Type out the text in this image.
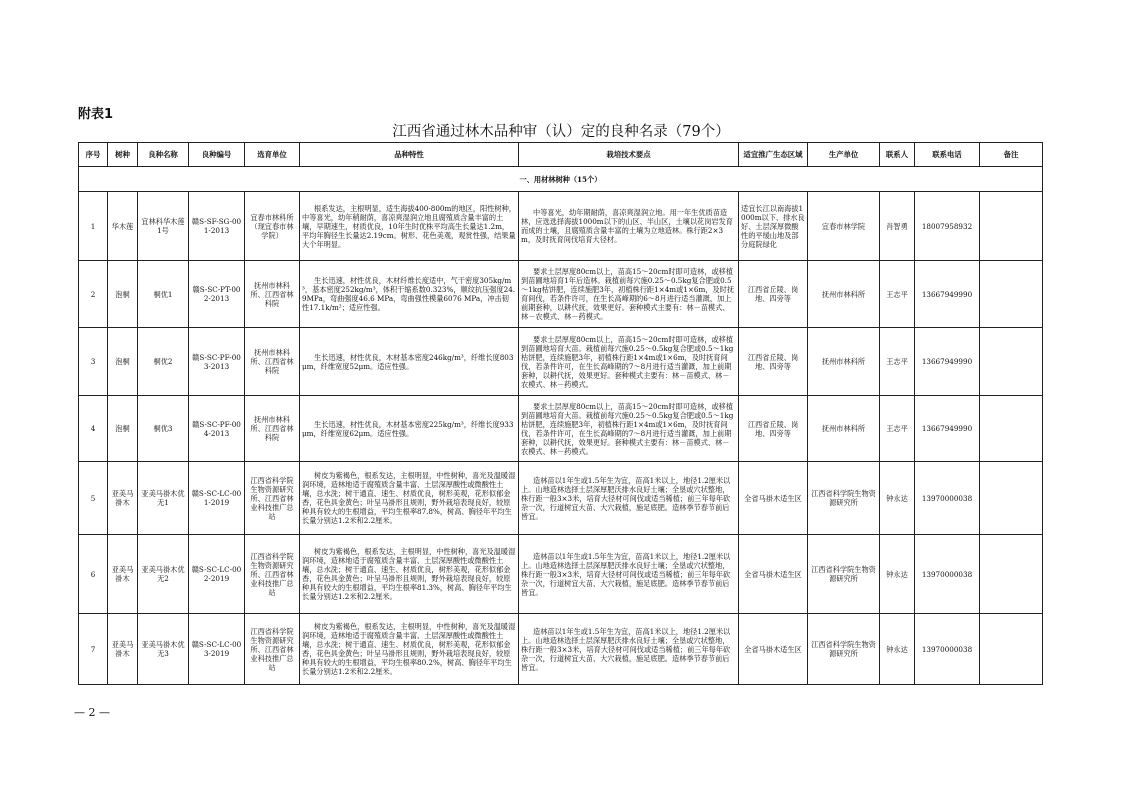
附表1
江西省通过林木品种审（认）定的良种名录（79个）
序号	树种	良种名称	良种编号	选育单位	品种特性	栽培技术要点	适宜推广生态区域	生产单位	联系人	联系电话	备注
一、用材林树种（15个）											
1	华木莲	宜林科华木莲1号	赣S-SF-SG-001-2013	宜春市林科所（现宜春市林学院）	根系发达，主根明显，适生海拔400-800m的地区，阳性树种，中等喜光，幼年稍耐荫，喜凉爽湿润立地且腐殖质含量丰富的土壤，早期速生，材质优良，10年生时优株平均高生长量达1.2m，平均年胸径生长量达2.19cm。树形、花色美观，观赏性强，结果量大个年明显。	中等喜光，幼年期耐荫，喜凉爽湿润立地。用一年生优质苗造林，应选选择海拔1000m以下的山区、半山区，土壤以花岗岩发育而成的土壤，且腐殖质含量丰富的土壤为立地造林。株行距2×3m，及时抚育间伐培育大径材。	适宜长江以南海拔1000m以下、排水良好、土层深厚微酸性的平缓山地及部分庭院绿化	宜春市林学院	肖智勇	18007958932	
2	泡桐	桐优1	赣S-SC-PT-002-2013	抚州市林科所、江西省林科院	生长迅速，材性优良，木材纤维长度适中，气干密度305kg/m³，基本密度252kg/m³，体积干缩系数0.323%，顺纹抗压强度24.9MPa，弯曲强度46.6 MPa，弯曲强性模量6076 MPa，冲击韧性17.1k/m²；适应性强。	要求土层厚度80cm以上，苗高15～20cm时即可造林，或移植到苗圃地培育1年后造林。栽植前每穴施0.25～0.5kg复合肥或0.5～1kg枯饼肥，连续施肥3年，初植株行距1×4m或1×6m，及时抚育间伐，若条件许可，在生长高峰期的6～8月进行适当灌溉，加上前期套种，以耕代抚，效果更好。套种模式主要有：林－苗模式、林－农模式、林－药模式。	江西省丘陵、岗地、四旁等	抚州市林科所	王志平	13667949990	
3	泡桐	桐优2	赣S-SC-PF-003-2013	抚州市林科所、江西省林科院	生长迅速，材性优良，木材基本密度246kg/m³，纤维长度803μm，纤维宽度52μm。适应性强。	要求土层厚度80cm以上，苗高15～20cm时即可造林，或移植到苗圃地培育大苗。栽植前每穴施0.25～0.5kg复合肥或0.5～1kg枯饼肥，连续施肥3年，初植株行距1×4m或1×6m，及时抚育间伐，若条件许可，在生长高峰期的7～8月进行适当灌溉，加上前期套种，以耕代抚，效果更好。套种模式主要有：林－苗模式、林－农模式、林－药模式。	江西省丘陵、岗地、四旁等	抚州市林科所	王志平	13667949990	
4	泡桐	桐优3	赣S-SC-PF-004-2013	抚州市林科所、江西省林科院	生长迅速，材性优良，木材基本密度225kg/m³，纤维长度933μm，纤维宽度62μm。适应性强。	要求土层厚度80cm以上，苗高15～20cm时即可造林，或移植到苗圃地培育大苗。栽植前每穴施0.25～0.5kg复合肥或0.5～1kg枯饼肥，连续施肥3年，初植株行距1×4m或1×6m，及时抚育间伐，若条件许可，在生长高峰期的7～8月进行适当灌溉，加上前期套种，以耕代抚，效果更好。套种模式主要有：林－苗模式、林－农模式、林－药模式。	江西省丘陵、岗地、四旁等	抚州市林科所	王志平	13667949990	
5	亚美马褂木	亚美马褂木优无1	赣S-SC-LC-001-2019	江西省科学院生物资源研究所、江西省林业科技推广总站	树皮为紫褐色，根系发达，主根明显，中性树种，喜光及温暖湿润环境，造林地适于腐殖质含量丰富、土层深厚酸性或微酸性土壤，总水洗；树干通直、速生、材质优良，树形美观，花形似郁金香，花色具金黄色；叶呈马褂形且规则，野外栽培表现良好，较原种具有较大的生根增益，平均生根率87.8%，树高、胸径年平均生长量分别达1.2米和2.2厘米。	造林苗以1年生或1.5年生为宜，苗高1米以上，地径1.2厘米以上。山地造林选择土层深厚肥沃排水良好土壤；全垦或穴状整地，株行距一般3×3米，培育大径材可间伐或适当稀植；前三年每年砍杂一次，行道树宜大苗、大穴栽植，施足底肥。造林季节春节前后皆宜。	全省马褂木适生区	江西省科学院生物资源研究所	钟永达	13970000038	
6	亚美马褂木	亚美马褂木优无2	赣S-SC-LC-002-2019	江西省科学院生物资源研究所、江西省林业科技推广总站	树皮为紫褐色，根系发达，主根明显，中性树种，喜光及温暖湿润环境，造林地适于腐殖质含量丰富、土层深厚酸性或微酸性土壤，总水洗；树干通直、速生、材质优良，树形美观，花形似郁金香，花色具金黄色；叶呈马褂形且规则，野外栽培表现良好，较原种具有较大的生根增益，平均生根率81.3%，树高、胸径年平均生长量分别达1.2米和2.2厘米。	造林苗以1年生或1.5年生为宜，苗高1米以上，地径1.2厘米以上。山地造林选择土层深厚肥沃排水良好土壤；全垦或穴状整地，株行距一般3×3米，培育大径材可间伐或适当稀植；前三年每年砍杂一次，行道树宜大苗、大穴栽植，施足底肥。造林季节春节前后皆宜。	全省马褂木适生区	江西省科学院生物资源研究所	钟永达	13970000038	
7	亚美马褂木	亚美马褂木优无3	赣S-SC-LC-003-2019	江西省科学院生物资源研究所、江西省林业科技推广总站	树皮为紫褐色，根系发达，主根明显，中性树种，喜光及温暖湿润环境，造林地适于腐殖质含量丰富、土层深厚酸性或微酸性土壤，总水洗；树干通直、速生、材质优良，树形美观，花形似郁金香，花色具金黄色；叶呈马褂形且规则，野外栽培表现良好，较原种具有较大的生根增益，平均生根率80.2%，树高、胸径年平均生长量分别达1.2米和2.2厘米。	造林苗以1年生或1.5年生为宜，苗高1米以上，地径1.2厘米以上。山地造林选择土层深厚肥沃排水良好土壤；全垦或穴状整地，株行距一般3×3米，培育大径材可间伐或适当稀植；前三年每年砍杂一次，行道树宜大苗、大穴栽植，施足底肥。造林季节春节前后皆宜。	全省马褂木适生区	江西省科学院生物资源研究所	钟永达	13970000038	
— 2 —
